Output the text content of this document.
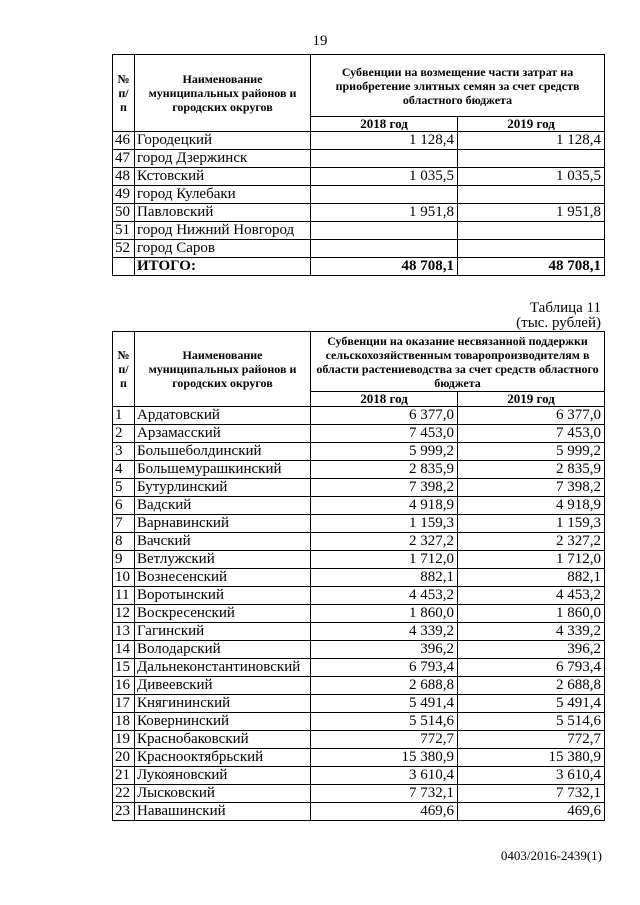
19
№ п/п	Наименование муниципальных районов и городских округов	Субвенции на возмещение части затрат на приобретение элитных семян за счет средств областного бюджета	
		2018 год	2019 год
46	Городецкий	1 128,4	1 128,4
47	город Дзержинск		
48	Кстовский	1 035,5	1 035,5
49	город Кулебаки		
50	Павловский	1 951,8	1 951,8
51	город Нижний Новгород		
52	город Саров		
	ИТОГО:	48 708,1	48 708,1
Таблица 11
(тыс. рублей)
№ п/п	Наименование муниципальных районов и городских округов	Субвенции на оказание несвязанной поддержки сельскохозяйственным товаропроизводителям в области растениеводства за счет средств областного бюджета	
		2018 год	2019 год
1	Ардатовский	6 377,0	6 377,0
2	Арзамасский	7 453,0	7 453,0
3	Большеболдинский	5 999,2	5 999,2
4	Большемурашкинский	2 835,9	2 835,9
5	Бутурлинский	7 398,2	7 398,2
6	Вадский	4 918,9	4 918,9
7	Варнавинский	1 159,3	1 159,3
8	Вачский	2 327,2	2 327,2
9	Ветлужский	1 712,0	1 712,0
10	Вознесенский	882,1	882,1
11	Воротынский	4 453,2	4 453,2
12	Воскресенский	1 860,0	1 860,0
13	Гагинский	4 339,2	4 339,2
14	Володарский	396,2	396,2
15	Дальнеконстантиновский	6 793,4	6 793,4
16	Дивеевский	2 688,8	2 688,8
17	Княгининский	5 491,4	5 491,4
18	Ковернинский	5 514,6	5 514,6
19	Краснобаковский	772,7	772,7
20	Краснооктябрьский	15 380,9	15 380,9
21	Лукояновский	3 610,4	3 610,4
22	Лысковский	7 732,1	7 732,1
23	Навашинский	469,6	469,6
0403/2016-2439(1)
